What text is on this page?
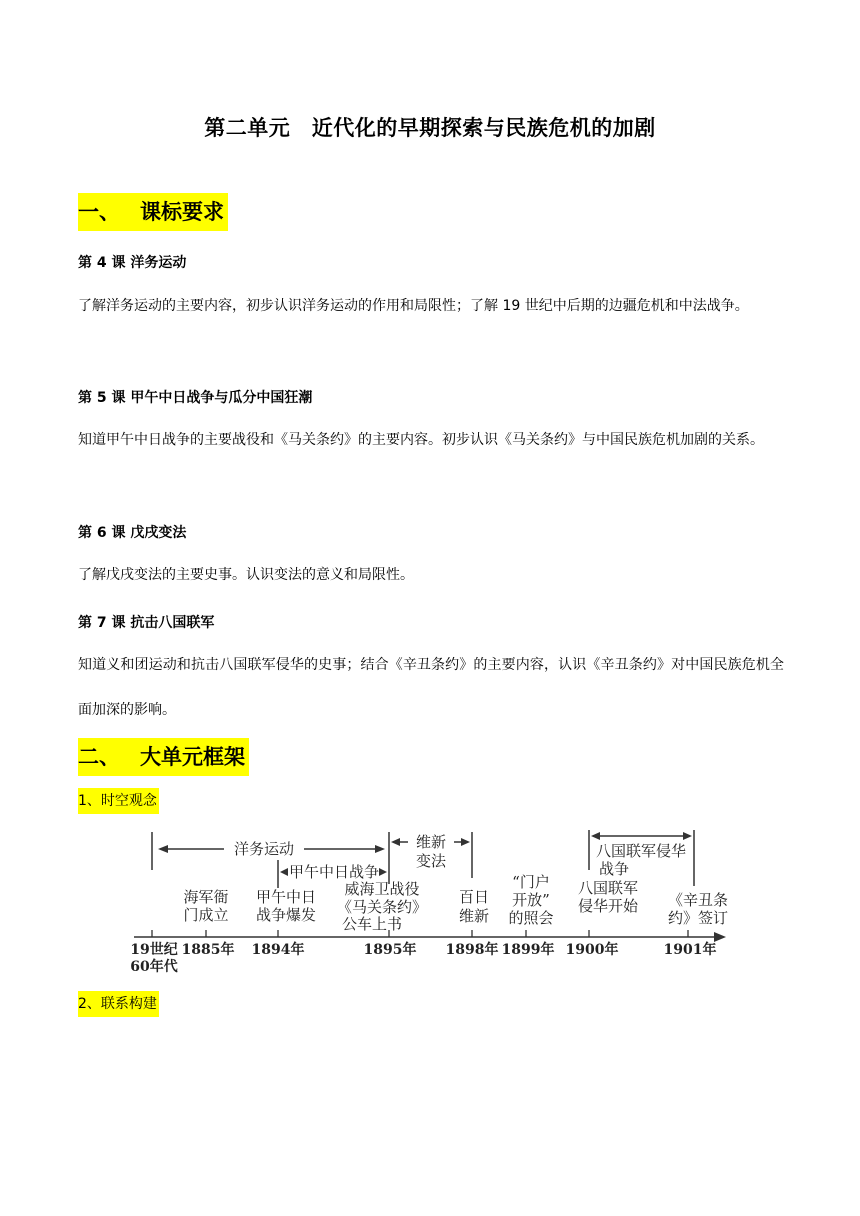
第二单元　近代化的早期探索与民族危机的加剧
一、 课标要求
第 4 课 洋务运动
了解洋务运动的主要内容，初步认识洋务运动的作用和局限性；了解 19 世纪中后期的边疆危机和中法战争。
第 5 课 甲午中日战争与瓜分中国狂潮
知道甲午中日战争的主要战役和《马关条约》的主要内容。初步认识《马关条约》与中国民族危机加剧的关系。
第 6 课 戊戌变法
了解戊戌变法的主要史事。认识变法的意义和局限性。
第 7 课 抗击八国联军
知道义和团运动和抗击八国联军侵华的史事；结合《辛丑条约》的主要内容，认识《辛丑条约》对中国民族危机全面加深的影响。
二、 大单元框架
1、时空观念
洋务运动
甲午中日战争
维新
变法
八国联军侵华
战争
海军衙
门成立
甲午中日
战争爆发
威海卫战役
《马关条约》
公车上书
百日
维新
“门户
开放”
的照会
八国联军
侵华开始 《辛丑条
约》签订
19世纪
60年代
1885年 1894年	1895年 1898年 1899年 1900年	1901年
2、联系构建
